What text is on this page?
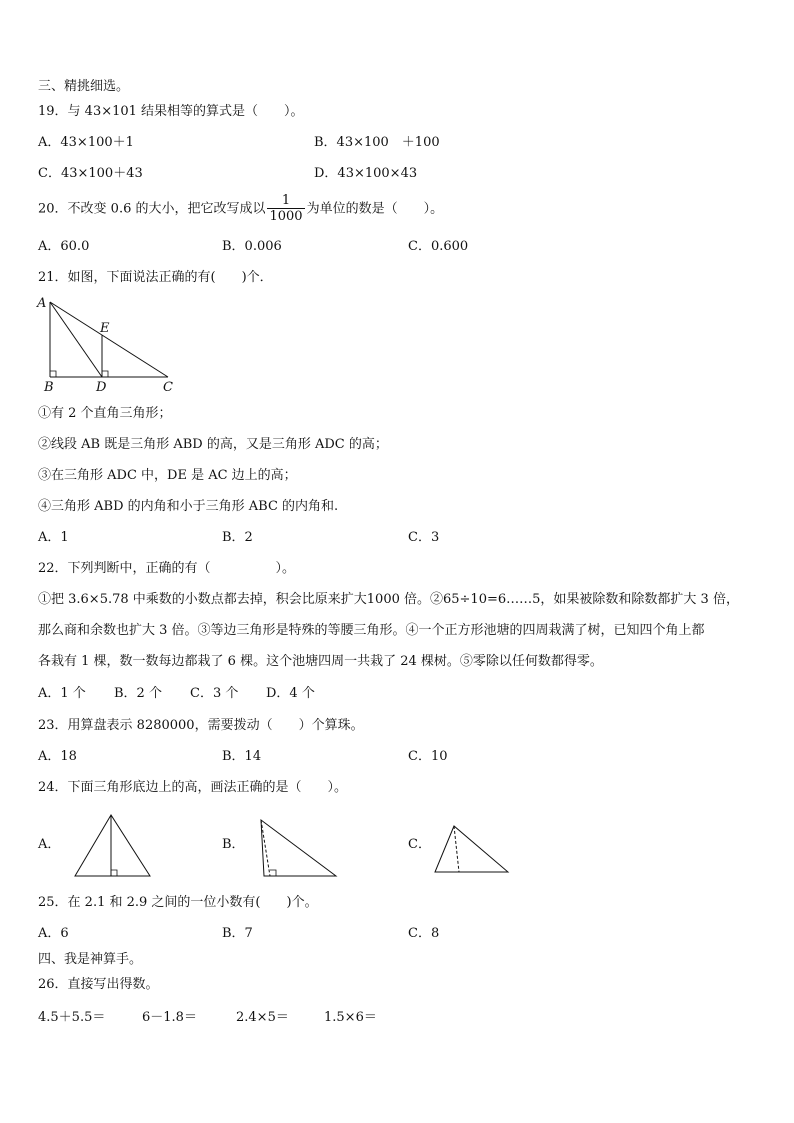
三、精挑细选。
19．与 43×101 结果相等的算式是（　　）。
A．43×100＋1	B．43×100　＋100
C．43×100＋43	D．43×100×43
20．不改变 0.6 的大小，把它改写成以 $\frac{1}{1000}$ 为单位的数是（　　）。
A．60.0	B．0.006	C．0.600
21．如图，下面说法正确的有(　　)个．
A
E
B	D	C
①有 2 个直角三角形；
②线段 AB 既是三角形 ABD 的高，又是三角形 ADC 的高；
③在三角形 ADC 中，DE 是 AC 边上的高；
④三角形 ABD 的内角和小于三角形 ABC 的内角和.
A．1	B．2	C．3
22．下列判断中，正确的有（　　　　　）。
①把 3.6×5.78 中乘数的小数点都去掉，积会比原来扩大1000 倍。②65÷10=6……5，如果被除数和除数都扩大 3 倍，
那么商和余数也扩大 3 倍。③等边三角形是特殊的等腰三角形。④一个正方形池塘的四周栽满了树，已知四个角上都
各栽有 1 棵，数一数每边都栽了 6 棵。这个池塘四周一共栽了 24 棵树。⑤零除以任何数都得零。
A．1 个 B．2 个 C．3 个 D．4 个
23．用算盘表示 8280000，需要拨动（　　）个算珠。
A．18	B．14	C．10
24．下面三角形底边上的高，画法正确的是（　　）。
A．	B．	C．
25．在 2.1 和 2.9 之间的一位小数有(　　)个。
A．6	B．7	C．8
四、我是神算手。
26．直接写出得数。
4.5＋5.5＝	6－1.8＝	2.4×5＝	1.5×6＝
